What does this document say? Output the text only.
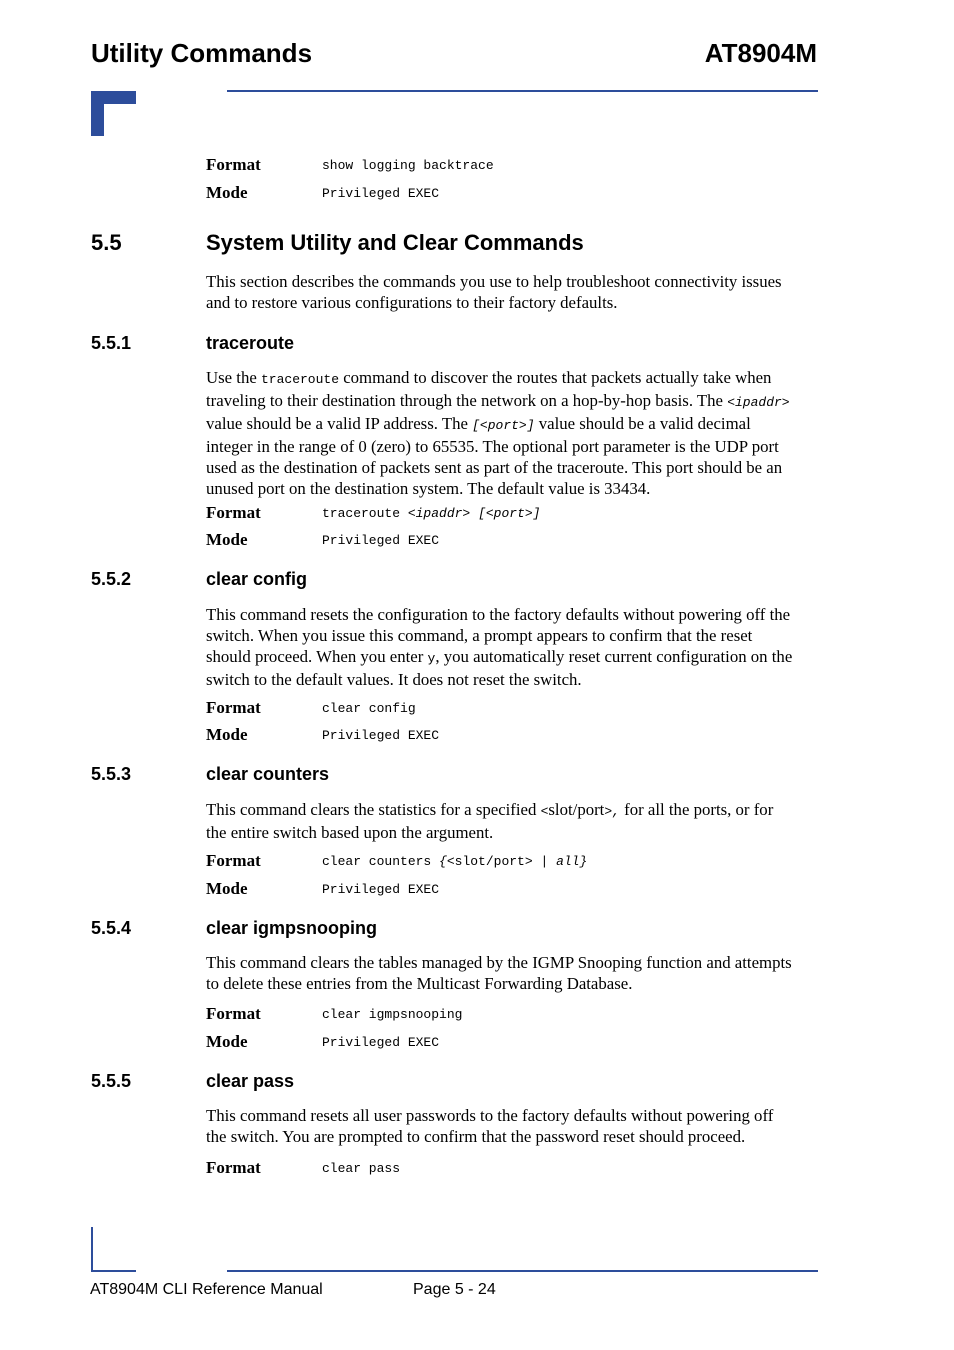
Utility Commands	AT8904M
Format	show logging backtrace
Mode	Privileged EXEC
5.5	System Utility and Clear Commands
This section describes the commands you use to help troubleshoot connectivity issues
and to restore various configurations to their factory defaults.
5.5.1	traceroute
Use the traceroute command to discover the routes that packets actually take when
traveling to their destination through the network on a hop-by-hop basis. The <ipaddr>
value should be a valid IP address. The [<port>] value should be a valid decimal
integer in the range of 0 (zero) to 65535. The optional port parameter is the UDP port
used as the destination of packets sent as part of the traceroute. This port should be an
unused port on the destination system. The default value is 33434.
Format	traceroute <ipaddr> [<port>]
Mode	Privileged EXEC
5.5.2	clear config
This command resets the configuration to the factory defaults without powering off the
switch. When you issue this command, a prompt appears to confirm that the reset
should proceed. When you enter y, you automatically reset current configuration on the
switch to the default values. It does not reset the switch.
Format	clear config
Mode	Privileged EXEC
5.5.3	clear counters
This command clears the statistics for a specified <slot/port>, for all the ports, or for
the entire switch based upon the argument.
Format	clear counters {<slot/port> | all}
Mode	Privileged EXEC
5.5.4	clear igmpsnooping
This command clears the tables managed by the IGMP Snooping function and attempts
to delete these entries from the Multicast Forwarding Database.
Format	clear igmpsnooping
Mode	Privileged EXEC
5.5.5	clear pass
This command resets all user passwords to the factory defaults without powering off
the switch. You are prompted to confirm that the password reset should proceed.
Format	clear pass
AT8904M CLI Reference Manual	Page 5 - 24
